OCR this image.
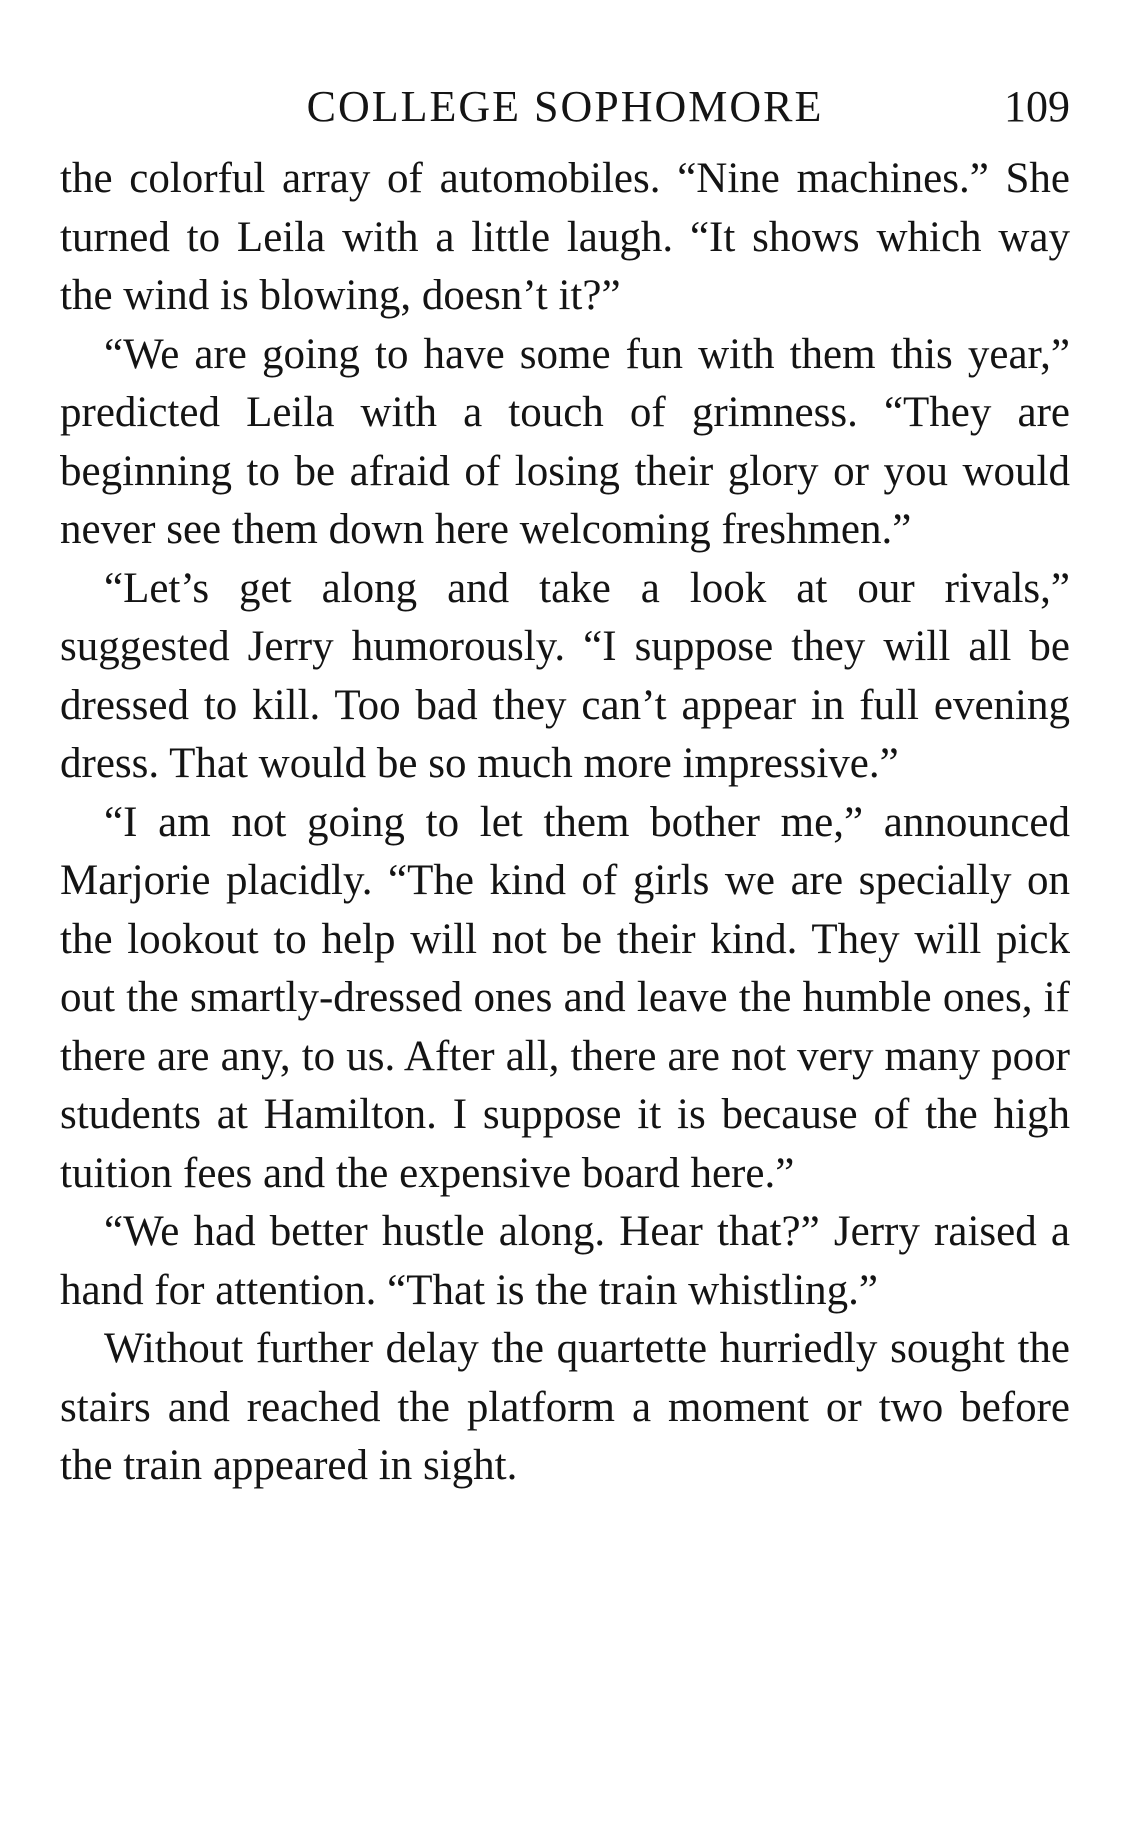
COLLEGE SOPHOMORE	109

the colorful array of automobiles. “Nine machines.” She turned to Leila with a little laugh. “It shows which way the wind is blowing, doesn’t it?”

“We are going to have some fun with them this year,” predicted Leila with a touch of grimness. “They are beginning to be afraid of losing their glory or you would never see them down here welcoming freshmen.”

“Let’s get along and take a look at our rivals,” suggested Jerry humorously. “I suppose they will all be dressed to kill. Too bad they can’t appear in full evening dress. That would be so much more impressive.”

“I am not going to let them bother me,” announced Marjorie placidly. “The kind of girls we are specially on the lookout to help will not be their kind. They will pick out the smartly-dressed ones and leave the humble ones, if there are any, to us. After all, there are not very many poor students at Hamilton. I suppose it is because of the high tuition fees and the expensive board here.”

“We had better hustle along. Hear that?” Jerry raised a hand for attention. “That is the train whistling.”

Without further delay the quartette hurriedly sought the stairs and reached the platform a moment or two before the train appeared in sight.
